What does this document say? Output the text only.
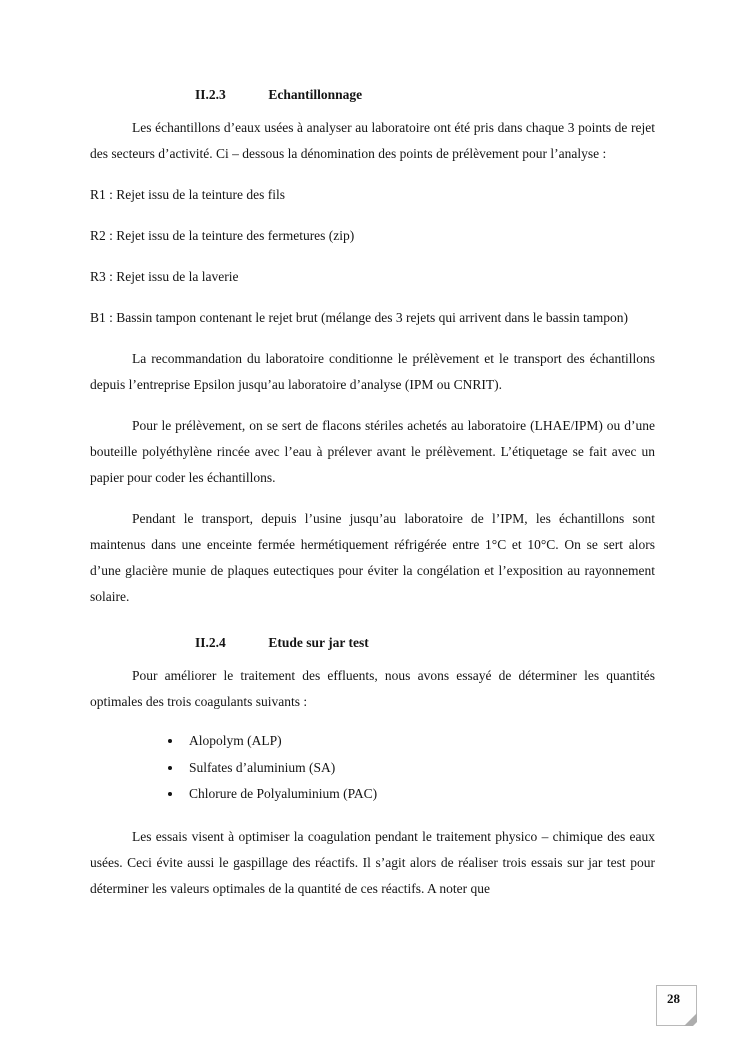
II.2.3	Echantillonnage

Les échantillons d’eaux usées à analyser au laboratoire ont été pris dans chaque 3 points de rejet des secteurs d’activité. Ci – dessous la dénomination des points de prélèvement pour l’analyse :

R1 : Rejet issu de la teinture des fils

R2 : Rejet issu de la teinture des fermetures (zip)

R3 : Rejet issu de la laverie

B1 : Bassin tampon contenant le rejet brut (mélange des 3 rejets qui arrivent dans le bassin tampon)

La recommandation du laboratoire conditionne le prélèvement et le transport des échantillons depuis l’entreprise Epsilon jusqu’au laboratoire d’analyse (IPM ou CNRIT).

Pour le prélèvement, on se sert de flacons stériles achetés au laboratoire (LHAE/IPM) ou d’une bouteille polyéthylène rincée avec l’eau à prélever avant le prélèvement. L’étiquetage se fait avec un papier pour coder les échantillons.

Pendant le transport, depuis l’usine jusqu’au laboratoire de l’IPM, les échantillons sont maintenus dans une enceinte fermée hermétiquement réfrigérée entre 1°C et 10°C. On se sert alors d’une glacière munie de plaques eutectiques pour éviter la congélation et l’exposition au rayonnement solaire.

II.2.4	Etude sur jar test

Pour améliorer le traitement des effluents, nous avons essayé de déterminer les quantités optimales des trois coagulants suivants :

• Alopolym (ALP)
• Sulfates d’aluminium (SA)
• Chlorure de Polyaluminium (PAC)

Les essais visent à optimiser la coagulation pendant le traitement physico – chimique des eaux usées. Ceci évite aussi le gaspillage des réactifs. Il s’agit alors de réaliser trois essais sur jar test pour déterminer les valeurs optimales de la quantité de ces réactifs. A noter que

28
